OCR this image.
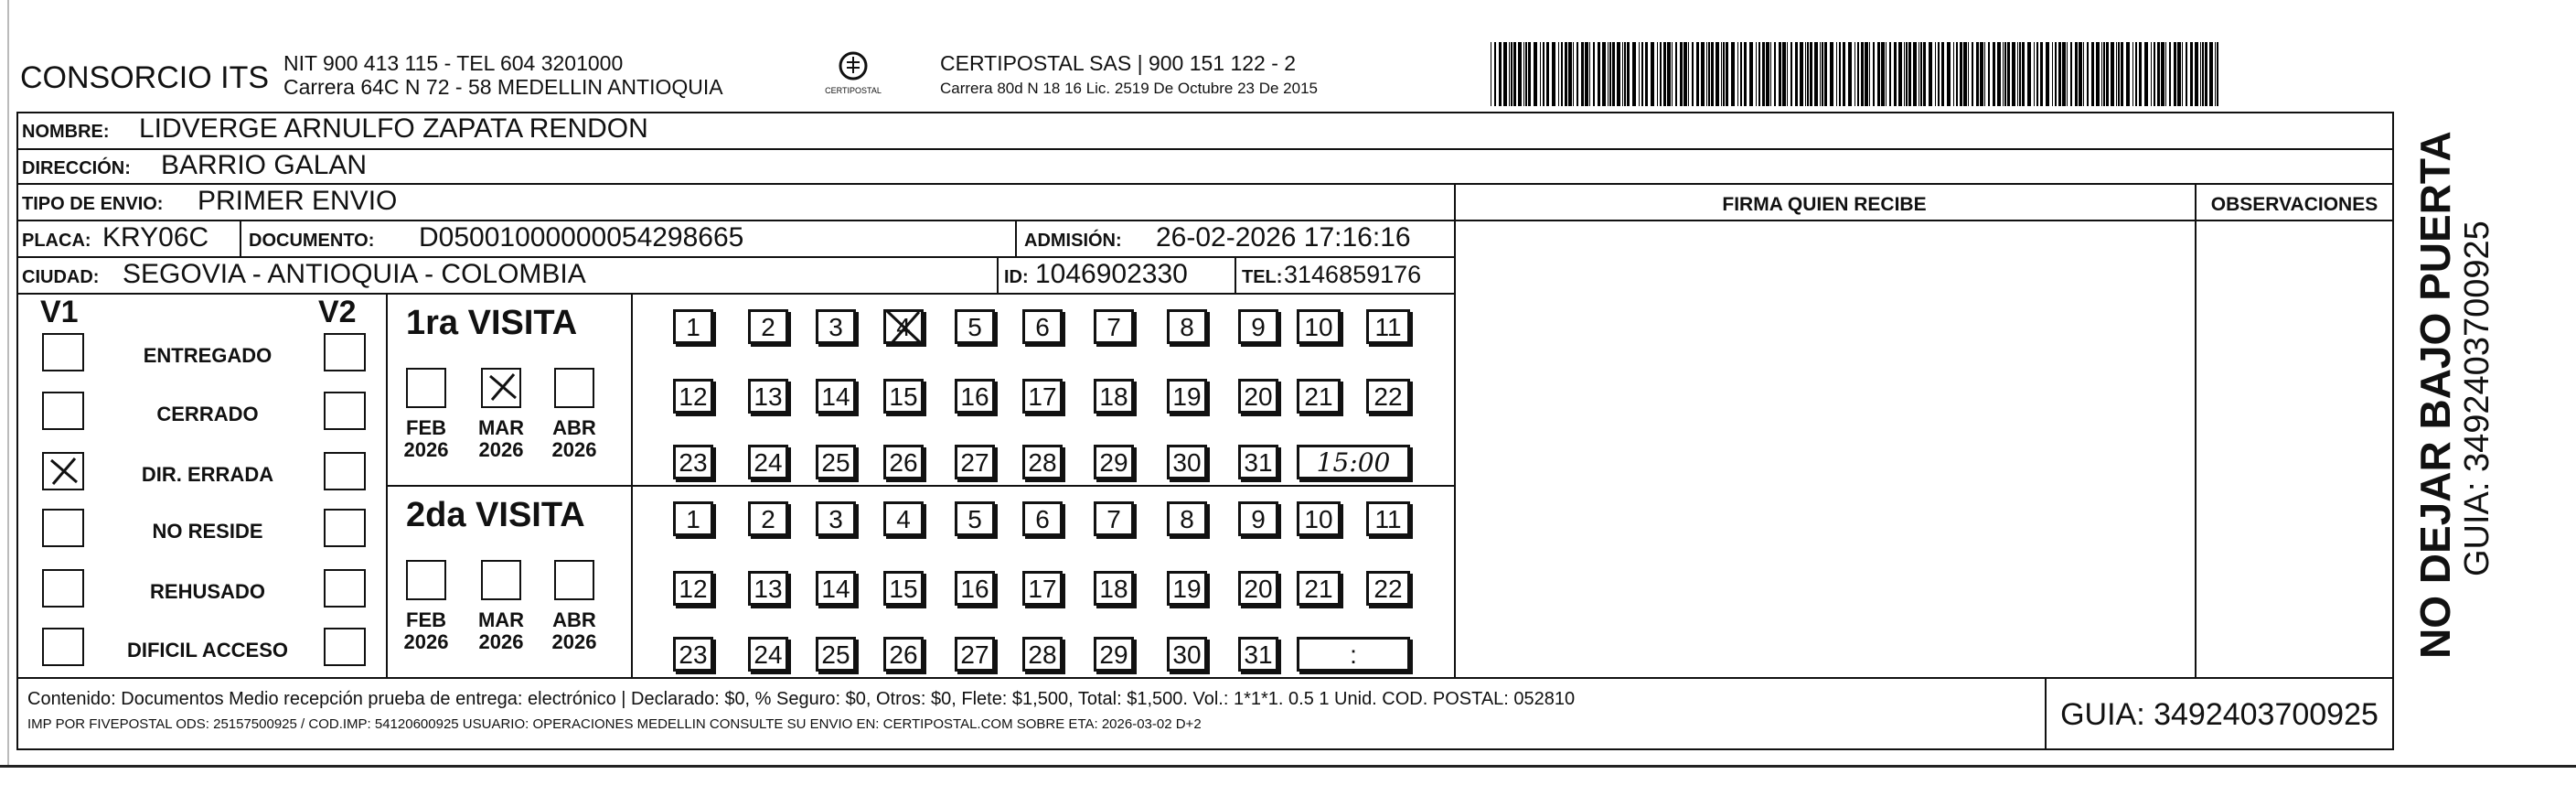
CONSORCIO ITS NIT 900 413 115 - TEL 604 3201000
Carrera 64C N 72 - 58 MEDELLIN ANTIOQUIA	CERTIPOSTAL
CERTIPOSTAL SAS | 900 151 122 - 2
Carrera 80d N 18 16 Lic. 2519 De Octubre 23 De 2015
NOMBRE: LIDVERGE ARNULFO ZAPATA RENDON
DIRECCIÓN: BARRIO GALAN
TIPO DE ENVIO: PRIMER ENVIO	FIRMA QUIEN RECIBE	OBSERVACIONES
PLACA: KRY06C DOCUMENTO: D05001000000054298665	ADMISIÓN: 26-02-2026 17:16:16
CIUDAD: SEGOVIA - ANTIOQUIA - COLOMBIA	ID: 1046902330	TEL: 3146859176
V1	V2 1ra VISITA
2da VISITA
Contenido: Documentos Medio recepción prueba de entrega: electrónico | Declarado: $0, % Seguro: $0, Otros: $0, Flete: $1,500, Total: $1,500. Vol.: 1*1*1. 0.5 1 Unid. COD. POSTAL: 052810
IMP POR FIVEPOSTAL ODS: 25157500925 / COD.IMP: 54120600925 USUARIO: OPERACIONES MEDELLIN CONSULTE SU ENVIO EN: CERTIPOSTAL.COM SOBRE ETA: 2026-03-02 D+2	GUIA: 3492403700925
NO DEJAR BAJO PUERTA GUIA: 3492403700925
ENTREGADO
CERRADO
DIR. ERRADA
NO RESIDE
REHUSADO
DIFICIL ACCESO
FEB
2026
MAR
2026
ABR
2026
FEB
2026
MAR
2026
ABR
2026
1	2	3	4	5	6	7	8	9	10	11
12 13 14 15 16 17 18 19 20	21	22
23 24 25 26 27 28 29 30 31	15:00
1	2	3	4	5	6	7	8	9	10	11
12 13 14 15 16 17 18 19 20	21	22
23 24 25 26 27 28 29 30 31	:
